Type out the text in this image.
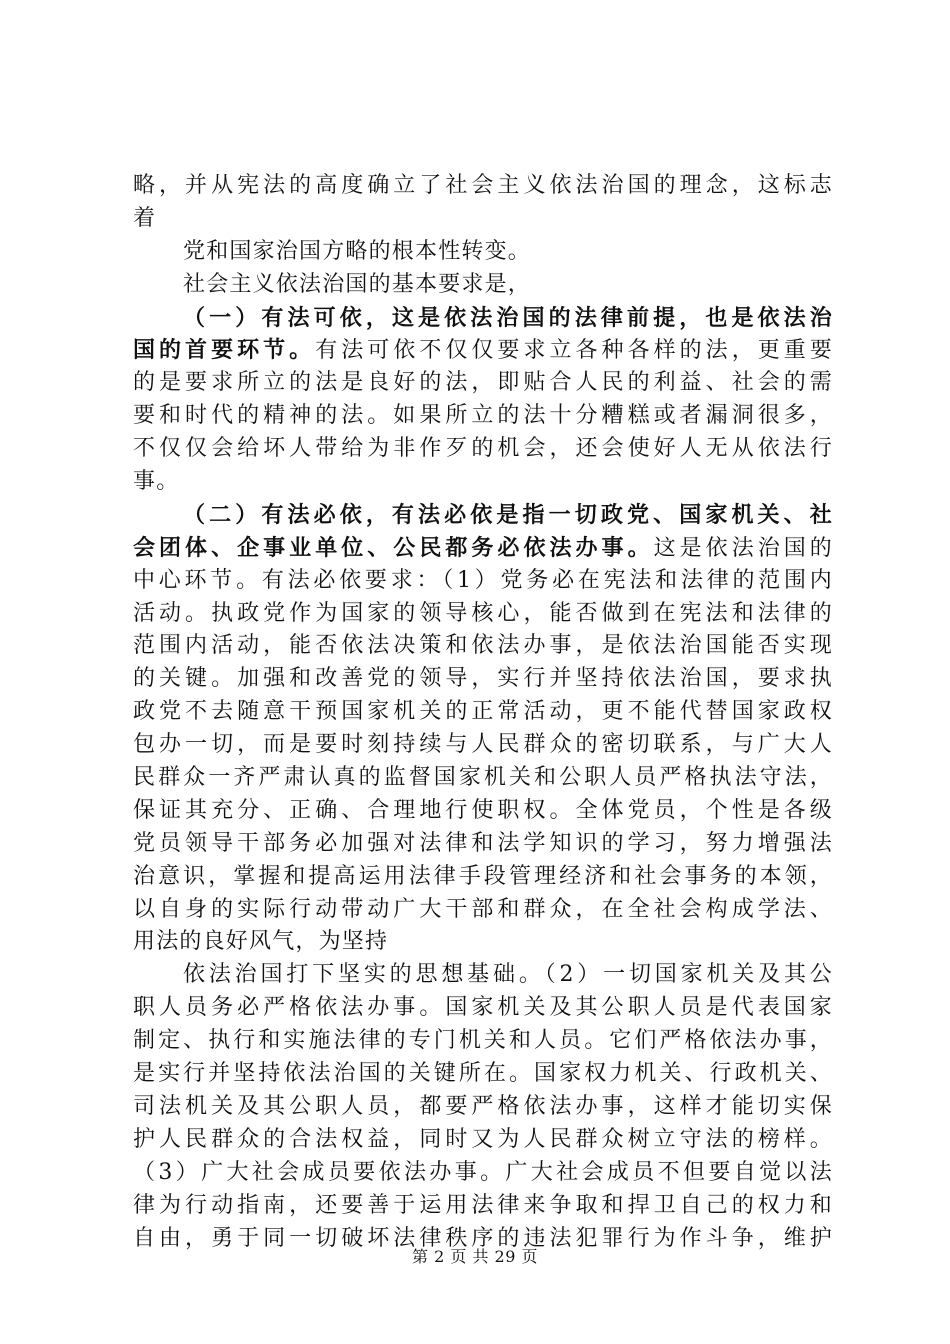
略，并从宪法的高度确立了社会主义依法治国的理念，这标志
着
党和国家治国方略的根本性转变。
社会主义依法治国的基本要求是，
（一）有法可依，这是依法治国的法律前提，也是依法治
国的首要环节。有法可依不仅仅要求立各种各样的法，更重要
的是要求所立的法是良好的法，即贴合人民的利益、社会的需
要和时代的精神的法。如果所立的法十分糟糕或者漏洞很多，
不仅仅会给坏人带给为非作歹的机会，还会使好人无从依法行
事。
（二）有法必依，有法必依是指一切政党、国家机关、社
会团体、企事业单位、公民都务必依法办事。这是依法治国的
中心环节。有法必依要求：（1）党务必在宪法和法律的范围内
活动。执政党作为国家的领导核心，能否做到在宪法和法律的
范围内活动，能否依法决策和依法办事，是依法治国能否实现
的关键。加强和改善党的领导，实行并坚持依法治国，要求执
政党不去随意干预国家机关的正常活动，更不能代替国家政权
包办一切，而是要时刻持续与人民群众的密切联系，与广大人
民群众一齐严肃认真的监督国家机关和公职人员严格执法守法，
保证其充分、正确、合理地行使职权。全体党员，个性是各级
党员领导干部务必加强对法律和法学知识的学习，努力增强法
治意识，掌握和提高运用法律手段管理经济和社会事务的本领，
以自身的实际行动带动广大干部和群众，在全社会构成学法、
用法的良好风气，为坚持
依法治国打下坚实的思想基础。（2）一切国家机关及其公
职人员务必严格依法办事。国家机关及其公职人员是代表国家
制定、执行和实施法律的专门机关和人员。它们严格依法办事，
是实行并坚持依法治国的关键所在。国家权力机关、行政机关、
司法机关及其公职人员，都要严格依法办事，这样才能切实保
护人民群众的合法权益，同时又为人民群众树立守法的榜样。
（3）广大社会成员要依法办事。广大社会成员不但要自觉以法
律为行动指南，还要善于运用法律来争取和捍卫自己的权力和
自由，勇于同一切破坏法律秩序的违法犯罪行为作斗争，维护
第 2 页 共 29 页
